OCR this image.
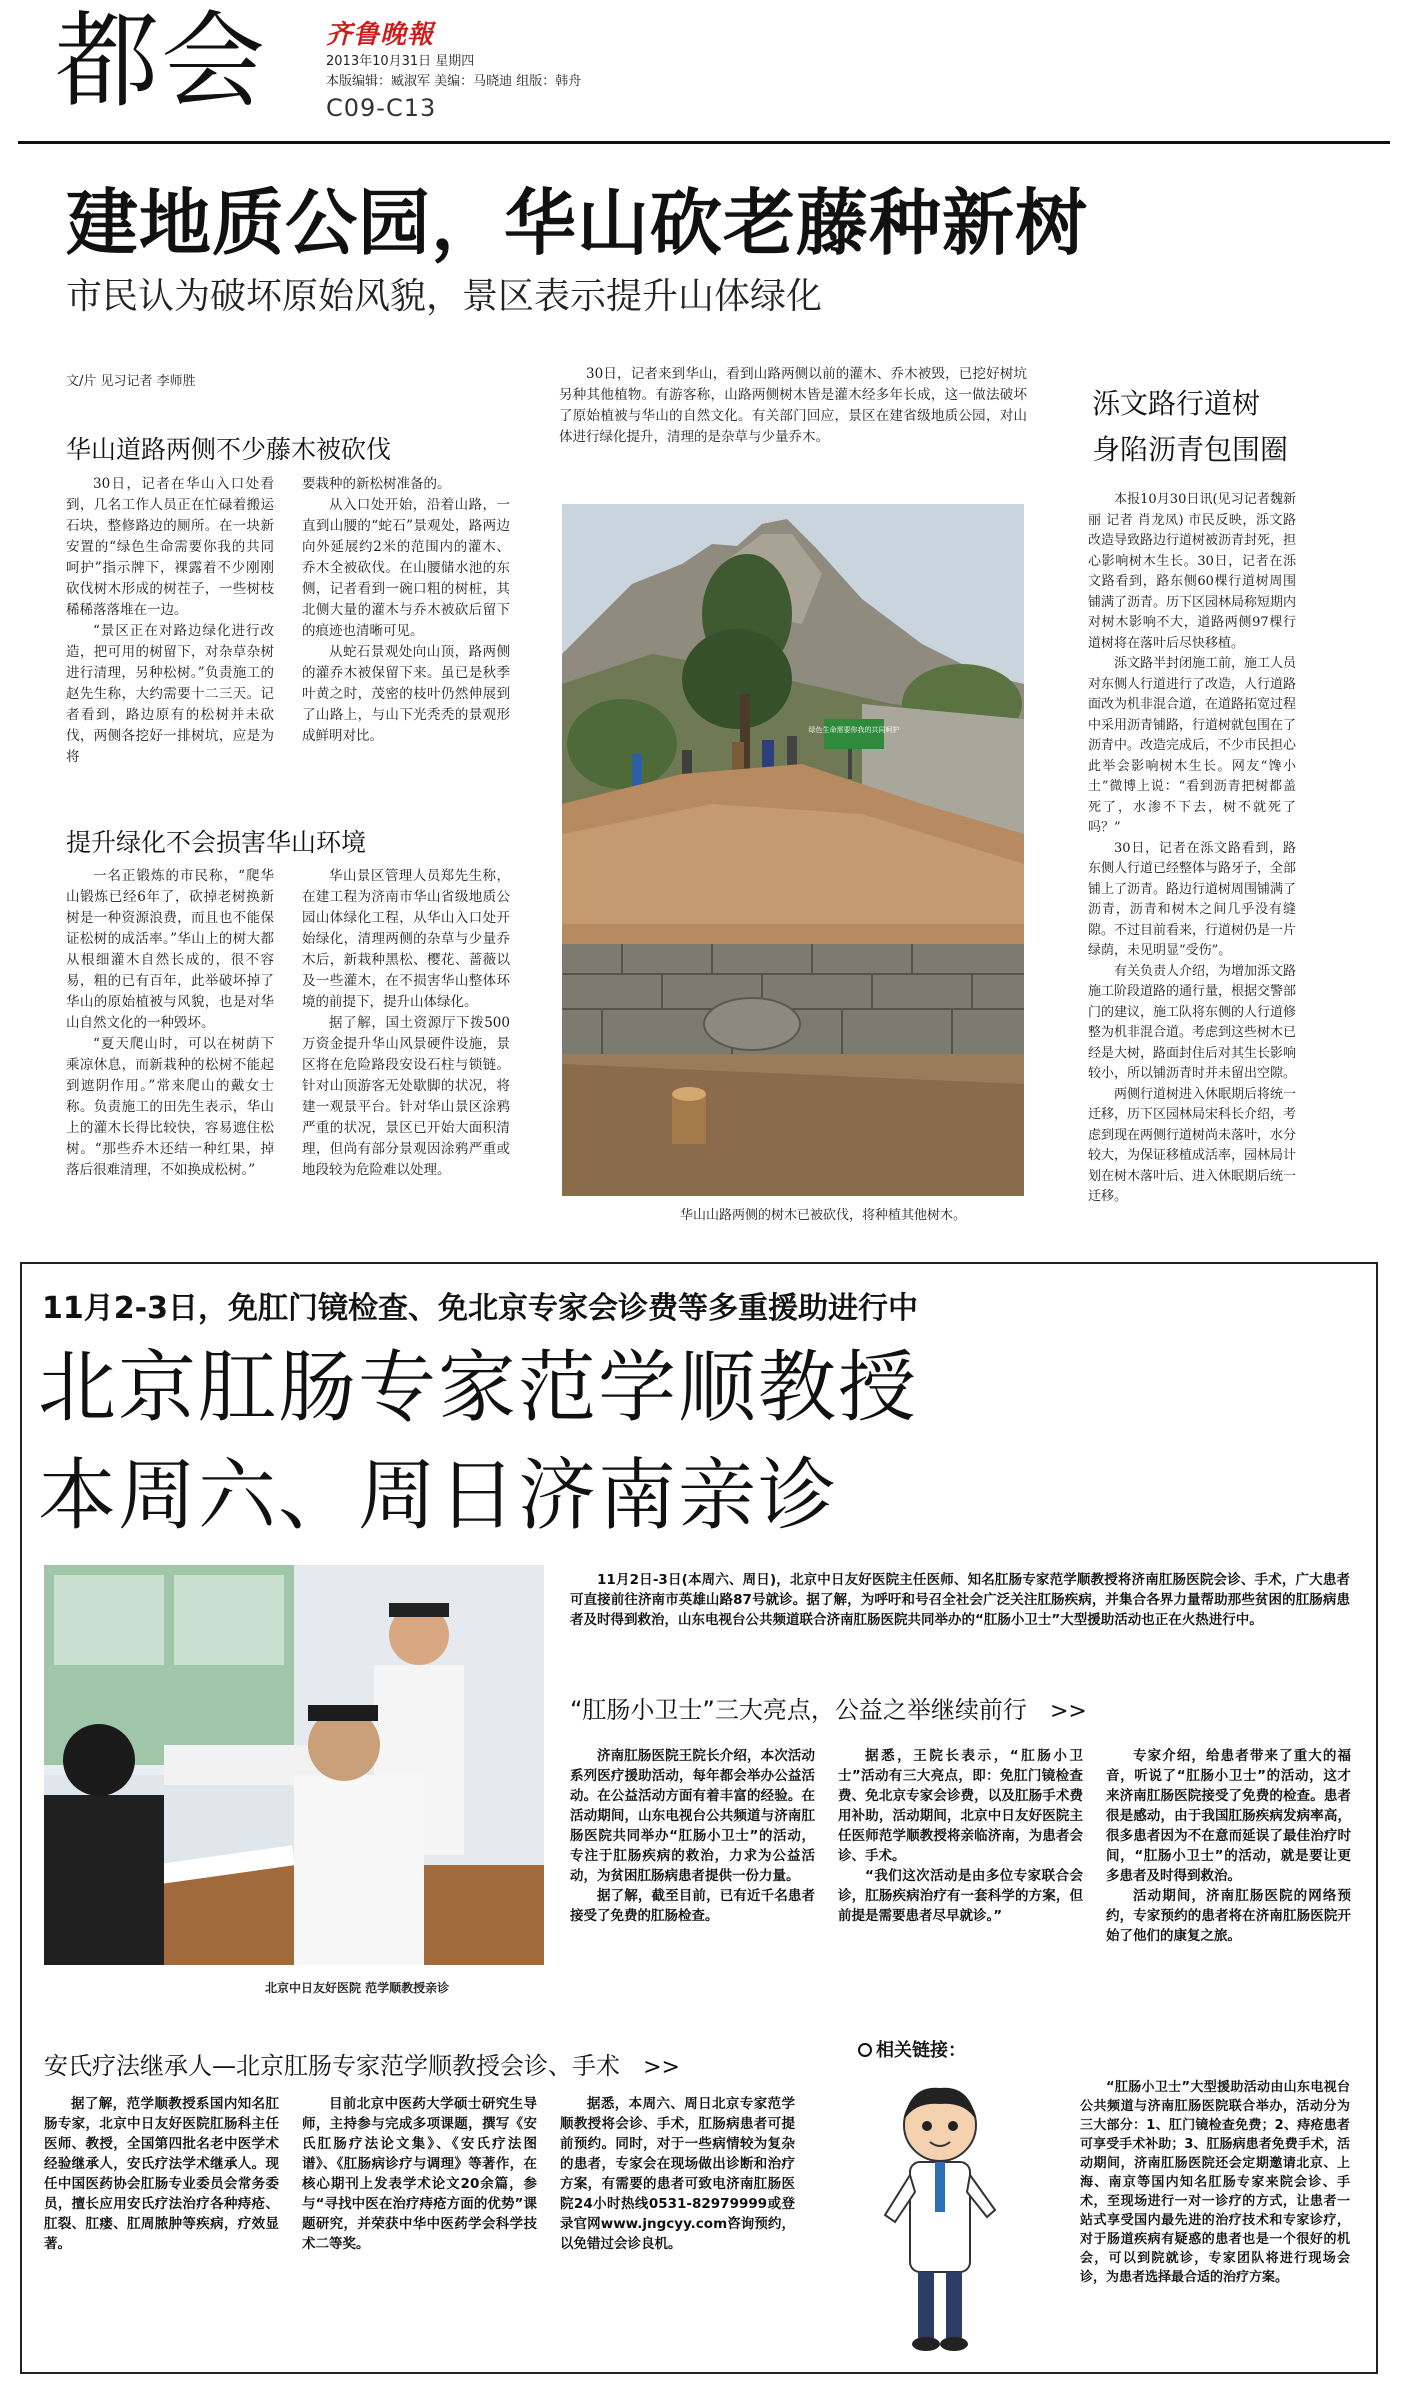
都会 齐鲁晚報
2013年10月31日 星期四
本版编辑：臧淑军 美编：马晓迪 组版：韩舟
C09-C13
建地质公园，华山砍老藤种新树
市民认为破坏原始风貌，景区表示提升山体绿化
文/片 见习记者 李师胜
华山道路两侧不少藤木被砍伐

30日，记者在华山入口处看到，几名工作人员正在忙碌着搬运石块，整修路边的厕所。在一块新安置的“绿色生命需要你我的共同呵护”指示牌下，裸露着不少刚刚砍伐树木形成的树茬子，一些树枝稀稀落落堆在一边。

“景区正在对路边绿化进行改造，把可用的树留下，对杂草杂树进行清理，另种松树。”负责施工的赵先生称，大约需要十二三天。记者看到，路边原有的松树并未砍伐，两侧各挖好一排树坑，应是为将

要栽种的新松树准备的。

从入口处开始，沿着山路，一直到山腰的“蛇石”景观处，路两边向外延展约2米的范围内的灌木、乔木全被砍伐。在山腰储水池的东侧，记者看到一碗口粗的树桩，其北侧大量的灌木与乔木被砍后留下的痕迹也清晰可见。

从蛇石景观处向山顶，路两侧的灌乔木被保留下来。虽已是秋季叶黄之时，茂密的枝叶仍然伸展到了山路上，与山下光秃秃的景观形成鲜明对比。

提升绿化不会损害华山环境

一名正锻炼的市民称，“爬华山锻炼已经6年了，砍掉老树换新树是一种资源浪费，而且也不能保证松树的成活率。”华山上的树大都从根细灌木自然长成的，很不容易，粗的已有百年，此举破坏掉了华山的原始植被与风貌，也是对华山自然文化的一种毁坏。

“夏天爬山时，可以在树荫下乘凉休息，而新栽种的松树不能起到遮阴作用。”常来爬山的戴女士称。负责施工的田先生表示，华山上的灌木长得比较快，容易遮住松树。“那些乔木还结一种红果，掉落后很难清理，不如换成松树。”

华山景区管理人员郑先生称，在建工程为济南市华山省级地质公园山体绿化工程，从华山入口处开始绿化，清理两侧的杂草与少量乔木后，新栽种黑松、樱花、蔷薇以及一些灌木，在不损害华山整体环境的前提下，提升山体绿化。

据了解，国土资源厅下拨500万资金提升华山风景硬件设施，景区将在危险路段安设石柱与锁链。针对山顶游客无处歇脚的状况，将建一观景平台。针对华山景区涂鸦严重的状况，景区已开始大面积清理，但尚有部分景观因涂鸦严重或地段较为危险难以处理。

30日，记者来到华山，看到山路两侧以前的灌木、乔木被毁，已挖好树坑另种其他植物。有游客称，山路两侧树木皆是灌木经多年长成，这一做法破坏了原始植被与华山的自然文化。有关部门回应，景区在建省级地质公园，对山体进行绿化提升，清理的是杂草与少量乔木。
绿色生命需要你我的共同呵护
华山山路两侧的树木已被砍伐，将种植其他树木。
泺文路行道树
身陷沥青包围圈

本报10月30日讯(见习记者魏新丽 记者 肖龙凤) 市民反映，泺文路改造导致路边行道树被沥青封死，担心影响树木生长。30日，记者在泺文路看到，路东侧60棵行道树周围铺满了沥青。历下区园林局称短期内对树木影响不大，道路两侧97棵行道树将在落叶后尽快移植。

泺文路半封闭施工前，施工人员对东侧人行道进行了改造，人行道路面改为机非混合道，在道路拓宽过程中采用沥青铺路，行道树就包围在了沥青中。改造完成后，不少市民担心此举会影响树木生长。网友“馋小土”微博上说：“看到沥青把树都盖死了，水渗不下去，树不就死了吗？”

30日，记者在泺文路看到，路东侧人行道已经整体与路牙子，全部铺上了沥青。路边行道树周围铺满了沥青，沥青和树木之间几乎没有缝隙。不过目前看来，行道树仍是一片绿荫，未见明显“受伤”。

有关负责人介绍，为增加泺文路施工阶段道路的通行量，根据交警部门的建议，施工队将东侧的人行道修整为机非混合道。考虑到这些树木已经是大树，路面封住后对其生长影响较小，所以铺沥青时并未留出空隙。

两侧行道树进入休眠期后将统一迁移，历下区园林局宋科长介绍，考虑到现在两侧行道树尚未落叶，水分较大，为保证移植成活率，园林局计划在树木落叶后、进入休眠期后统一迁移。

11月2-3日，免肛门镜检查、免北京专家会诊费等多重援助进行中
北京肛肠专家范学顺教授
本周六、周日济南亲诊
北京中日友好医院 范学顺教授亲诊
11月2日-3日(本周六、周日)，北京中日友好医院主任医师、知名肛肠专家范学顺教授将济南肛肠医院会诊、手术，广大患者可直接前往济南市英雄山路87号就诊。据了解，为呼吁和号召全社会广泛关注肛肠疾病，并集合各界力量帮助那些贫困的肛肠病患者及时得到救治，山东电视台公共频道联合济南肛肠医院共同举办的“肛肠小卫士”大型援助活动也正在火热进行中。
“肛肠小卫士”三大亮点，公益之举继续前行 >>

济南肛肠医院王院长介绍，本次活动系列医疗援助活动，每年都会举办公益活动。在公益活动方面有着丰富的经验。在活动期间，山东电视台公共频道与济南肛肠医院共同举办“肛肠小卫士”的活动，专注于肛肠疾病的救治，力求为公益活动，为贫困肛肠病患者提供一份力量。

据了解，截至目前，已有近千名患者接受了免费的肛肠检查。

据悉，王院长表示，“肛肠小卫士”活动有三大亮点，即：免肛门镜检查费、免北京专家会诊费，以及肛肠手术费用补助，活动期间，北京中日友好医院主任医师范学顺教授将亲临济南，为患者会诊、手术。

“我们这次活动是由多位专家联合会诊，肛肠疾病治疗有一套科学的方案，但前提是需要患者尽早就诊。”

专家介绍，给患者带来了重大的福音，听说了“肛肠小卫士”的活动，这才来济南肛肠医院接受了免费的检查。患者很是感动，由于我国肛肠疾病发病率高，很多患者因为不在意而延误了最佳治疗时间，“肛肠小卫士”的活动，就是要让更多患者及时得到救治。

活动期间，济南肛肠医院的网络预约，专家预约的患者将在济南肛肠医院开始了他们的康复之旅。

安氏疗法继承人—北京肛肠专家范学顺教授会诊、手术 >>

据了解，范学顺教授系国内知名肛肠专家，北京中日友好医院肛肠科主任医师、教授，全国第四批名老中医学术经验继承人，安氏疗法学术继承人。现任中国医药协会肛肠专业委员会常务委员，擅长应用安氏疗法治疗各种痔疮、肛裂、肛瘘、肛周脓肿等疾病，疗效显著。

目前北京中医药大学硕士研究生导师，主持参与完成多项课题，撰写《安氏肛肠疗法论文集》、《安氏疗法图谱》、《肛肠病诊疗与调理》等著作，在核心期刊上发表学术论文20余篇，参与“寻找中医在治疗痔疮方面的优势”课题研究，并荣获中华中医药学会科学技术二等奖。

据悉，本周六、周日北京专家范学顺教授将会诊、手术，肛肠病患者可提前预约。同时，对于一些病情较为复杂的患者，专家会在现场做出诊断和治疗方案，有需要的患者可致电济南肛肠医院24小时热线0531-82979999或登录官网www.jngcyy.com咨询预约，以免错过会诊良机。

相关链接：
“肛肠小卫士”大型援助活动由山东电视台公共频道与济南肛肠医院联合举办，活动分为三大部分：1、肛门镜检查免费；2、痔疮患者可享受手术补助；3、肛肠病患者免费手术，活动期间，济南肛肠医院还会定期邀请北京、上海、南京等国内知名肛肠专家来院会诊、手术，至现场进行一对一诊疗的方式，让患者一站式享受国内最先进的治疗技术和专家诊疗，对于肠道疾病有疑惑的患者也是一个很好的机会，可以到院就诊，专家团队将进行现场会诊，为患者选择最合适的治疗方案。
